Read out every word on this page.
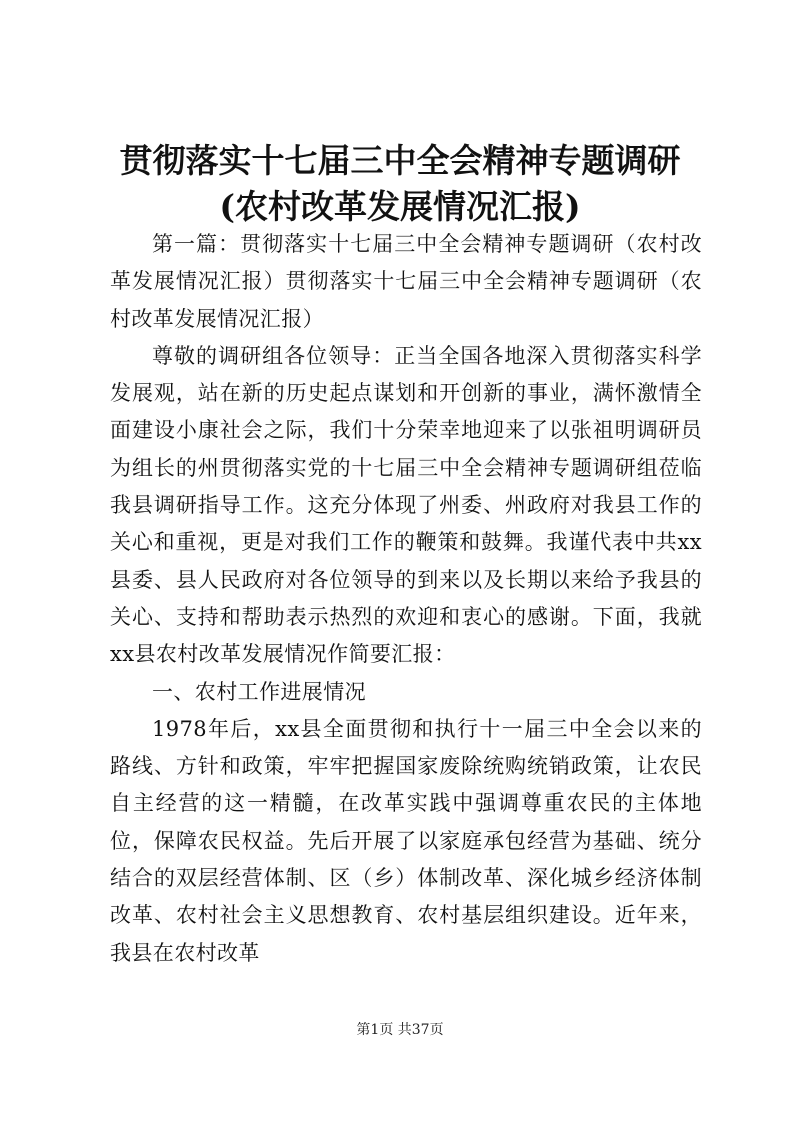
贯彻落实十七届三中全会精神专题调研(农村改革发展情况汇报)

第一篇：贯彻落实十七届三中全会精神专题调研（农村改革发展情况汇报）贯彻落实十七届三中全会精神专题调研（农村改革发展情况汇报）

尊敬的调研组各位领导：正当全国各地深入贯彻落实科学发展观，站在新的历史起点谋划和开创新的事业，满怀激情全面建设小康社会之际，我们十分荣幸地迎来了以张祖明调研员为组长的州贯彻落实党的十七届三中全会精神专题调研组莅临我县调研指导工作。这充分体现了州委、州政府对我县工作的关心和重视，更是对我们工作的鞭策和鼓舞。我谨代表中共xx县委、县人民政府对各位领导的到来以及长期以来给予我县的关心、支持和帮助表示热烈的欢迎和衷心的感谢。下面，我就xx县农村改革发展情况作简要汇报：

一、农村工作进展情况

1978年后，xx县全面贯彻和执行十一届三中全会以来的路线、方针和政策，牢牢把握国家废除统购统销政策，让农民自主经营的这一精髓，在改革实践中强调尊重农民的主体地位，保障农民权益。先后开展了以家庭承包经营为基础、统分结合的双层经营体制、区（乡）体制改革、深化城乡经济体制改革、农村社会主义思想教育、农村基层组织建设。近年来，我县在农村改革

第1页 共37页
